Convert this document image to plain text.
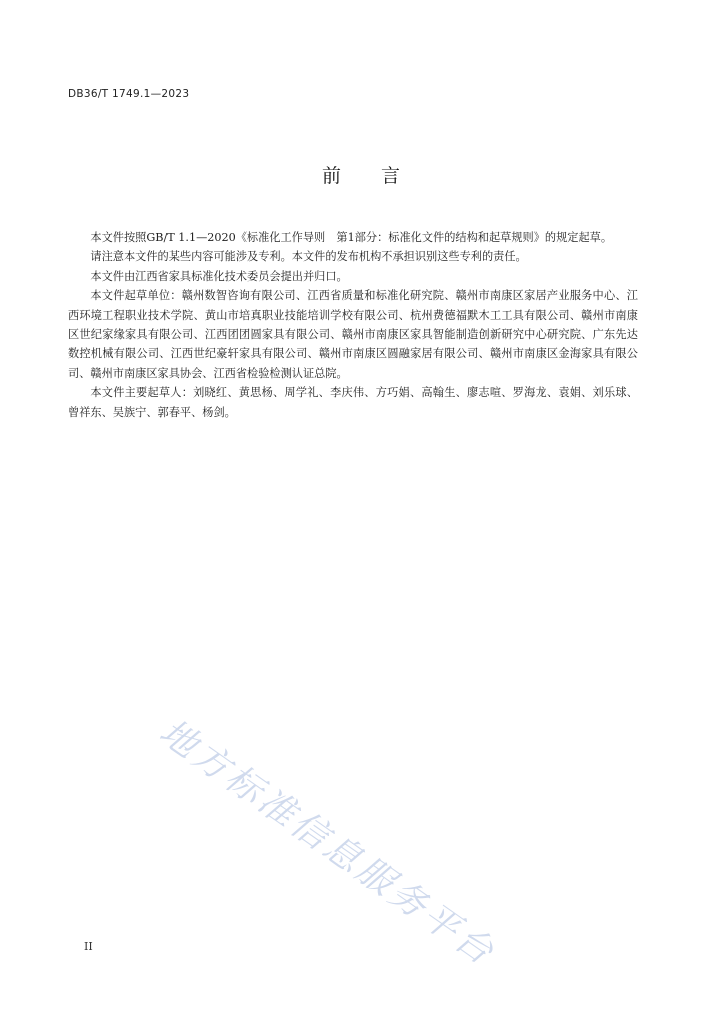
DB36/T 1749.1—2023
前 言

本文件按照GB/T 1.1—2020《标准化工作导则　第1部分：标准化文件的结构和起草规则》的规定起草。

请注意本文件的某些内容可能涉及专利。本文件的发布机构不承担识别这些专利的责任。

本文件由江西省家具标准化技术委员会提出并归口。

本文件起草单位：赣州数智咨询有限公司、江西省质量和标准化研究院、赣州市南康区家居产业服务中心、江西环境工程职业技术学院、黄山市培真职业技能培训学校有限公司、杭州费德福默木工工具有限公司、赣州市南康区世纪家缘家具有限公司、江西团团圆家具有限公司、赣州市南康区家具智能制造创新研究中心研究院、广东先达数控机械有限公司、江西世纪豪轩家具有限公司、赣州市南康区圆融家居有限公司、赣州市南康区金海家具有限公司、赣州市南康区家具协会、江西省检验检测认证总院。

本文件主要起草人：刘晓红、黄思杨、周学礼、李庆伟、方巧娟、高翰生、廖志喧、罗海龙、袁娟、刘乐球、曾祥东、吴族宁、郭春平、杨剑。

地方标准信息服务平台
II
